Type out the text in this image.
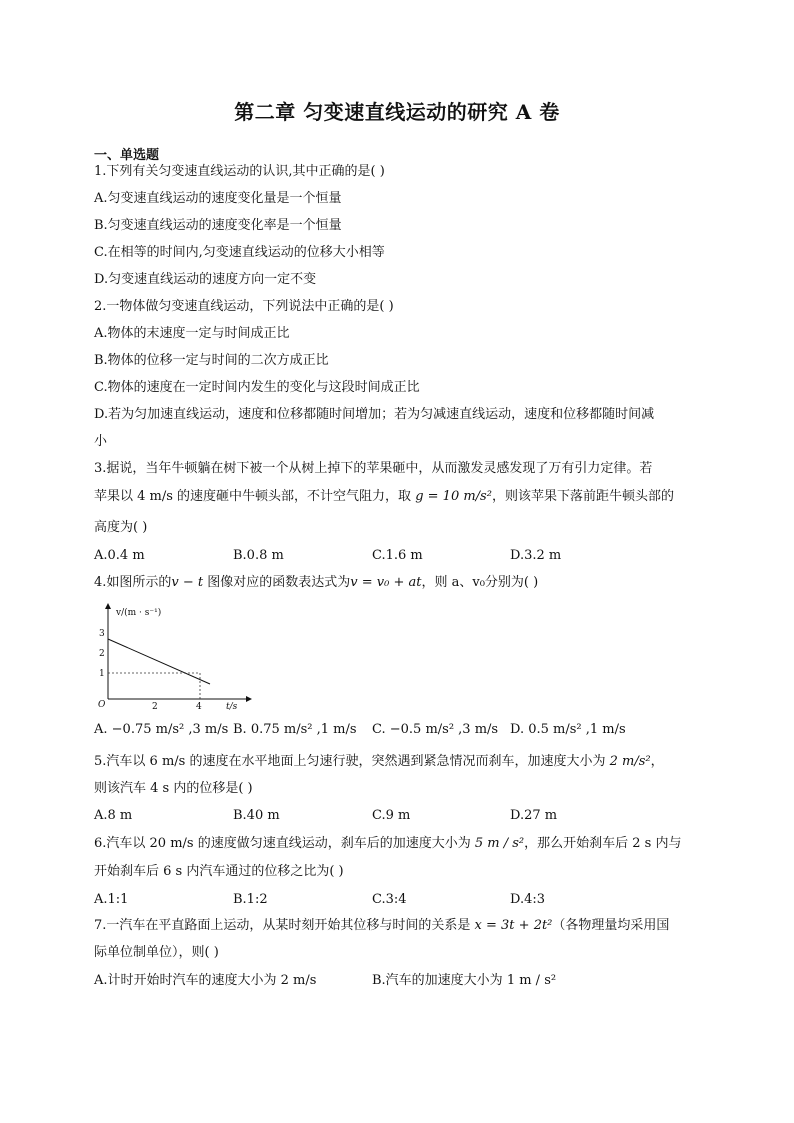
第二章 匀变速直线运动的研究 A 卷
一、单选题
1.下列有关匀变速直线运动的认识,其中正确的是( )
A.匀变速直线运动的速度变化量是一个恒量
B.匀变速直线运动的速度变化率是一个恒量
C.在相等的时间内,匀变速直线运动的位移大小相等
D.匀变速直线运动的速度方向一定不变
2.一物体做匀变速直线运动，下列说法中正确的是( )
A.物体的末速度一定与时间成正比
B.物体的位移一定与时间的二次方成正比
C.物体的速度在一定时间内发生的变化与这段时间成正比
D.若为匀加速直线运动，速度和位移都随时间增加；若为匀减速直线运动，速度和位移都随时间减
小
3.据说，当年牛顿躺在树下被一个从树上掉下的苹果砸中，从而激发灵感发现了万有引力定律。若
苹果以 4 m/s 的速度砸中牛顿头部，不计空气阻力，取 g = 10 m/s²，则该苹果下落前距牛顿头部的
高度为( )
A.0.4 m	B.0.8 m	C.1.6 m	D.3.2 m
4.如图所示的v − t 图像对应的函数表达式为v = v₀ + at，则 a、v₀分别为( )
v/(m · s⁻¹)
t/s
O
3
2
1
2	4
A. −0.75 m/s² ,3 m/s B. 0.75 m/s² ,1 m/s C. −0.5 m/s² ,3 m/s D. 0.5 m/s² ,1 m/s
5.汽车以 6 m/s 的速度在水平地面上匀速行驶，突然遇到紧急情况而刹车，加速度大小为 2 m/s²，
则该汽车 4 s 内的位移是( )
A.8 m	B.40 m	C.9 m	D.27 m
6.汽车以 20 m/s 的速度做匀速直线运动，刹车后的加速度大小为 5 m / s²，那么开始刹车后 2 s 内与
开始刹车后 6 s 内汽车通过的位移之比为( )
A.1:1	B.1:2	C.3:4	D.4:3
7.一汽车在平直路面上运动，从某时刻开始其位移与时间的关系是 x = 3t + 2t²（各物理量均采用国
际单位制单位），则( )
A.计时开始时汽车的速度大小为 2 m/s	B.汽车的加速度大小为 1 m / s²
